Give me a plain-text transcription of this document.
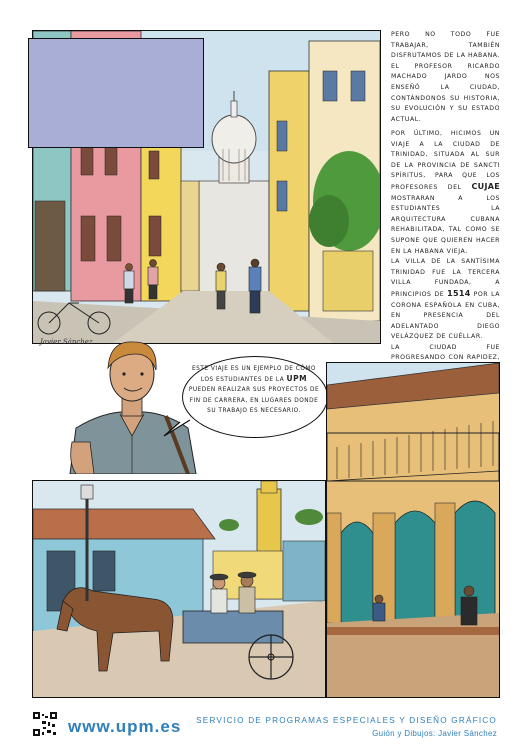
Javier Sánchez
PERO NO TODO FUE TRABAJAR, TAMBIÉN DISFRUTAMOS DE LA HABANA. EL PROFESOR RICARDO MACHADO JARDO NOS ENSEÑÓ LA CIUDAD, CONTÁNDONOS SU HISTORIA, SU EVOLUCIÓN Y SU ESTADO ACTUAL.
POR ÚLTIMO, HICIMOS UN VIAJE A LA CIUDAD DE TRINIDAD, SITUADA AL SUR DE LA PROVINCIA DE SANCTI SPÍRITUS, PARA QUE LOS PROFESORES DEL CUJAE MOSTRARAN A LOS ESTUDIANTES LA ARQUITECTURA CUBANA REHABILITADA, TAL COMO SE SUPONE QUE QUIEREN HACER EN LA HABANA VIEJA.
LA VILLA DE LA SANTÍSIMA TRINIDAD FUE LA TERCERA VILLA FUNDADA, A PRINCIPIOS DE 1514 POR LA CORONA ESPAÑOLA EN CUBA, EN PRESENCIA DEL ADELANTADO DIEGO VELÁZQUEZ DE CUÉLLAR.
LA CIUDAD FUE PROGRESANDO CON RAPIDEZ,
ESTE VIAJE ES UN EJEMPLO DE CÓMO LOS ESTUDIANTES DE LA UPM PUEDEN REALIZAR SUS PROYECTOS DE FIN DE CARRERA, EN LUGARES DONDE SU TRABAJO ES NECESARIO.
www.upm.es SERVICIO DE PROGRAMAS ESPECIALES Y DISEÑO GRÁFICO
Guión y Dibujos: Javier Sánchez
